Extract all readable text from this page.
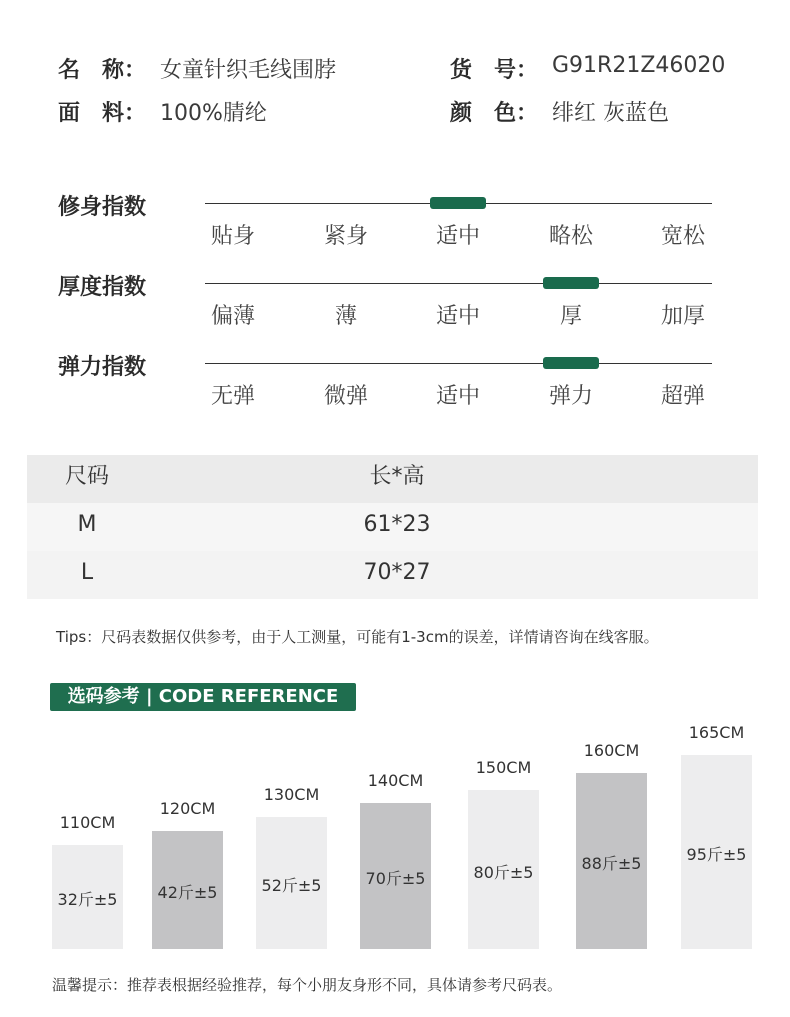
名　称： 女童针织毛线围脖	货　号： G91R21Z46020
面　料： 100%腈纶	颜　色： 绯红 灰蓝色
修身指数
贴身	紧身	适中	略松	宽松
厚度指数
偏薄	薄	适中	厚	加厚
弹力指数
无弹	微弹	适中	弹力	超弹
尺码	长*高
M	61*23
L	70*27
Tips：尺码表数据仅供参考，由于人工测量，可能有1-3cm的误差，详情请咨询在线客服。
选码参考 | CODE REFERENCE
32斤±5
110CM
42斤±5
120CM
52斤±5
130CM
70斤±5
140CM
80斤±5
150CM
88斤±5
160CM
95斤±5
165CM
温馨提示：推荐表根据经验推荐，每个小朋友身形不同，具体请参考尺码表。
